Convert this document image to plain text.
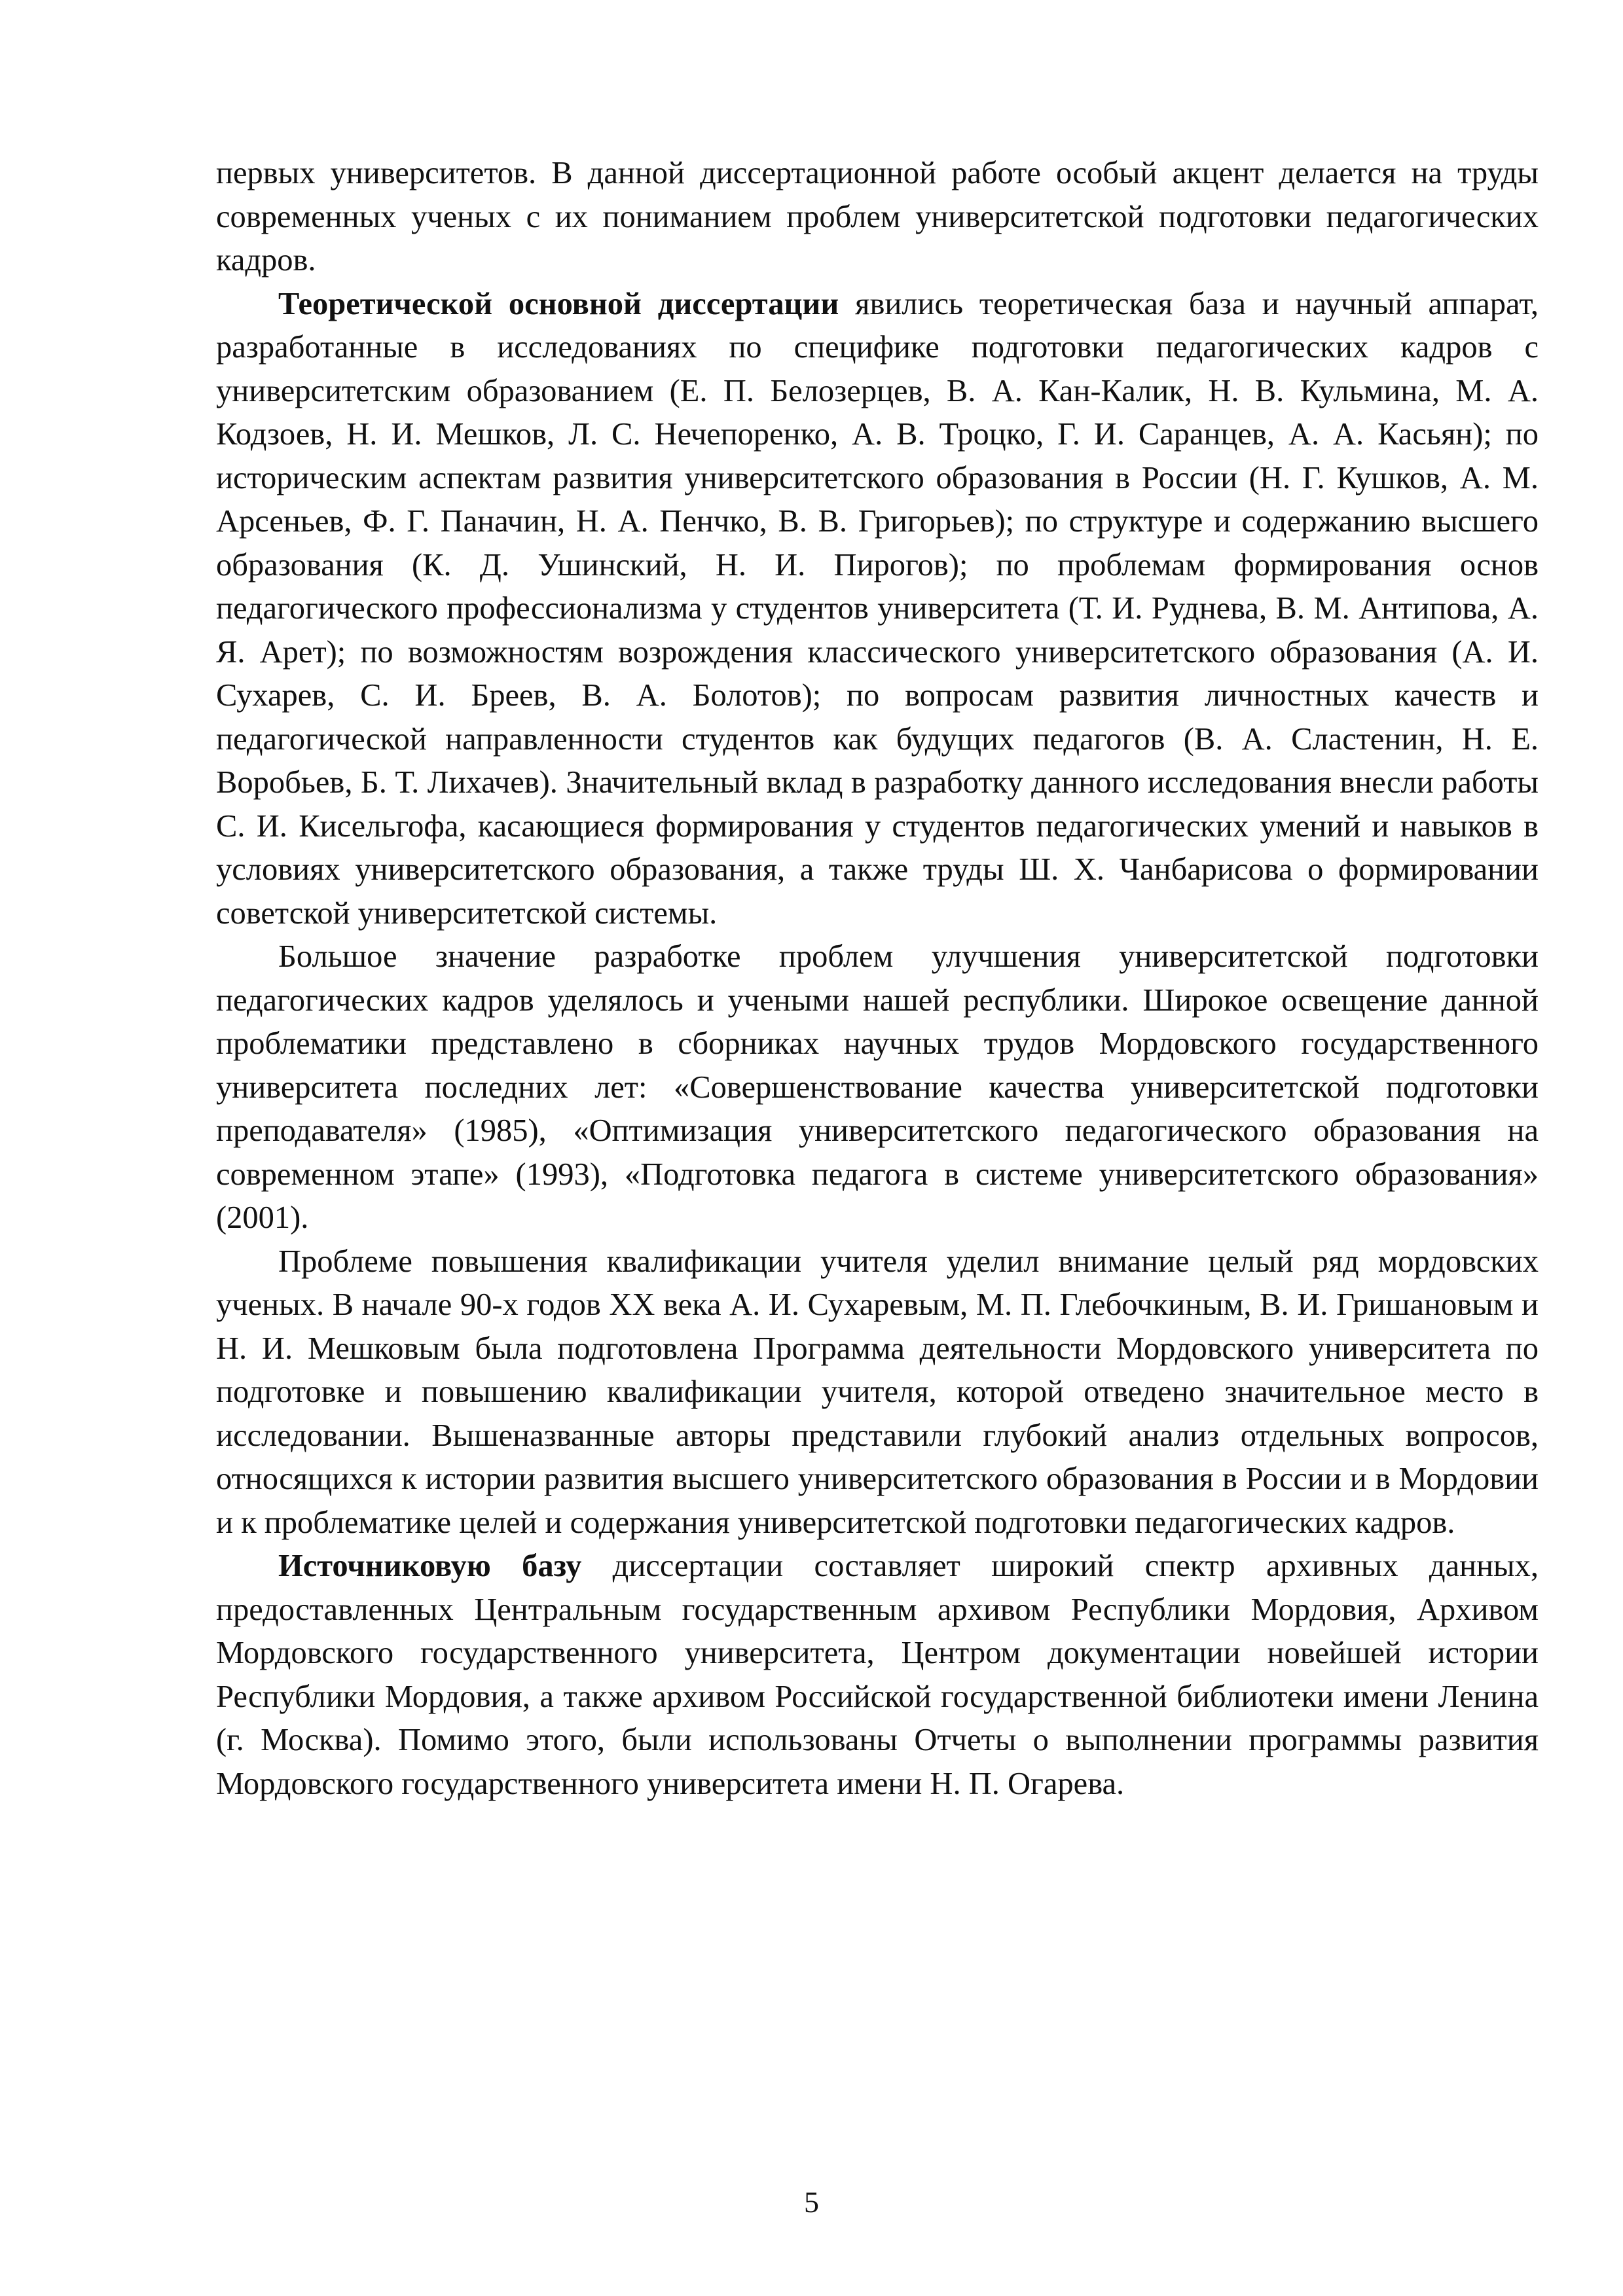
первых университетов. В данной диссертационной работе особый акцент делается на труды современных ученых с их пониманием проблем университетской подготовки педагогических кадров.

Теоретической основной диссертации явились теоретическая база и научный аппарат, разработанные в исследованиях по специфике подготовки педагогических кадров с университетским образованием (Е. П. Белозерцев, В. А. Кан-Калик, Н. В. Кульмина, М. А. Кодзоев, Н. И. Мешков, Л. С. Нечепоренко, А. В. Троцко, Г. И. Саранцев, А. А. Касьян); по историческим аспектам развития университетского образования в России (Н. Г. Кушков, А. М. Арсеньев, Ф. Г. Паначин, Н. А. Пенчко, В. В. Григорьев); по структуре и содержанию высшего образования (К. Д. Ушинский, Н. И. Пирогов); по проблемам формирования основ педагогического профессионализма у студентов университета (Т. И. Руднева, В. М. Антипова, А. Я. Арет); по возможностям возрождения классического университетского образования (А. И. Сухарев, С. И. Бреев, В. А. Болотов); по вопросам развития личностных качеств и педагогической направленности студентов как будущих педагогов (В. А. Сластенин, Н. Е. Воробьев, Б. Т. Лихачев). Значительный вклад в разработку данного исследования внесли работы С. И. Кисельгофа, касающиеся формирования у студентов педагогических умений и навыков в условиях университетского образования, а также труды Ш. Х. Чанбарисова о формировании советской университетской системы.

Большое значение разработке проблем улучшения университетской подготовки педагогических кадров уделялось и учеными нашей республики. Широкое освещение данной проблематики представлено в сборниках научных трудов Мордовского государственного университета последних лет: «Совершенствование качества университетской подготовки преподавателя» (1985), «Оптимизация университетского педагогического образования на современном этапе» (1993), «Подготовка педагога в системе университетского образования» (2001).

Проблеме повышения квалификации учителя уделил внимание целый ряд мордовских ученых. В начале 90-х годов XX века А. И. Сухаревым, М. П. Глебочкиным, В. И. Гришановым и Н. И. Мешковым была подготовлена Программа деятельности Мордовского университета по подготовке и повышению квалификации учителя, которой отведено значительное место в исследовании. Вышеназванные авторы представили глубокий анализ отдельных вопросов, относящихся к истории развития высшего университетского образования в России и в Мордовии и к проблематике целей и содержания университетской подготовки педагогических кадров.

Источниковую базу диссертации составляет широкий спектр архивных данных, предоставленных Центральным государственным архивом Республики Мордовия, Архивом Мордовского государственного университета, Центром документации новейшей истории Республики Мордовия, а также архивом Российской государственной библиотеки имени Ленина (г. Москва). Помимо этого, были использованы Отчеты о выполнении программы развития Мордовского государственного университета имени Н. П. Огарева.

5
